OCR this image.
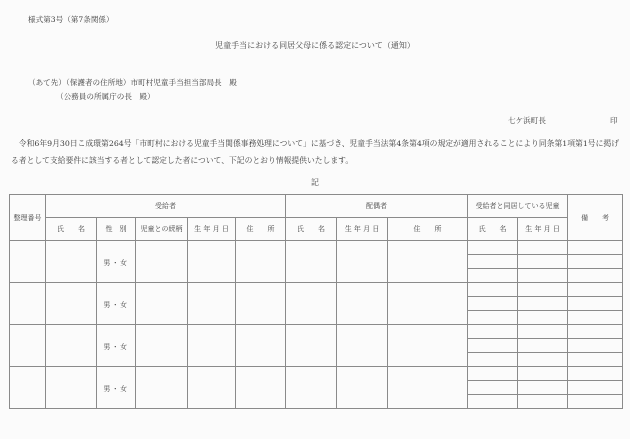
様式第3号（第7条関係）
児童手当における同居父母に係る認定について（通知）
（あて先）（保護者の住所地）市町村児童手当担当部局長　殿
（公務員の所属庁の長　殿）
七ケ浜町長	印
令和6年9月30日こ成環第264号「市町村における児童手当関係事務処理について」に基づき、児童手当法第4条第4項の規定が適用されることにより同条第1項第1号に掲げる者として支給要件に該当する者として認定した者について、下記のとおり情報提供いたします。
記
整理番号	受給者					配偶者			受給者と同居している児童		備　　考
	氏　　名	性　別	児童との続柄	生 年 月 日	住　　所	氏　　名	生 年 月 日	住　　所	氏　　名	生 年 月 日	
		男・女									

		男・女									

		男・女									

		男・女									
